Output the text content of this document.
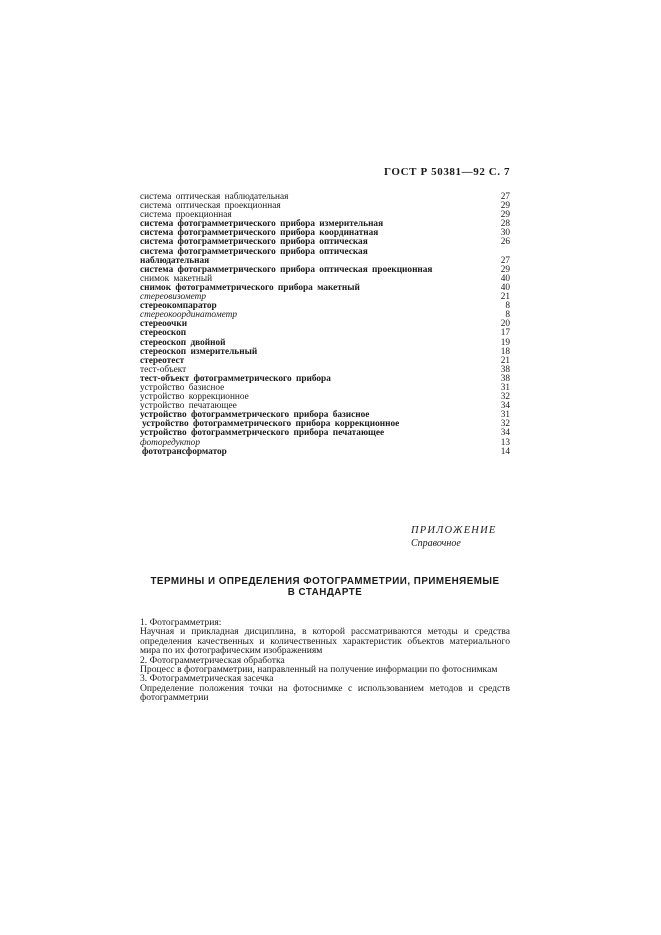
ГОСТ Р 50381—92 С. 7
система оптическая наблюдательная	27
система оптическая проекционная	29
система проекционная	29
система фотограмметрического прибора измерительная	28
система фотограмметрического прибора координатная	30
система фотограмметрического прибора оптическая	26
система фотограмметрического прибора оптическая
наблюдательная	27
система фотограмметрического прибора оптическая проекционная	29
снимок макетный	40
снимок фотограмметрического прибора макетный	40
стереовизометр	21
стереокомпаратор	8
стереокоординатометр	8
стереоочки	20
стереоскоп	17
стереоскоп двойной	19
стереоскоп измерительный	18
стереотест	21
тест-объект	38
тест-объект фотограмметрического прибора	38
устройство базисное	31
устройство коррекционное	32
устройство печатающее	34
устройство фотограмметрического прибора базисное	31
устройство фотограмметрического прибора коррекционное	32
устройство фотограмметрического прибора печатающее	34
фоторедуктор	13
фототрансформатор	14
ПРИЛОЖЕНИЕ
Справочное
ТЕРМИНЫ И ОПРЕДЕЛЕНИЯ ФОТОГРАММЕТРИИ, ПРИМЕНЯЕМЫЕ
В СТАНДАРТЕ

1. Фотограмметрия:

Научная и прикладная дисциплина, в которой рассматриваются методы и средства определения качественных и количественных характеристик объектов материального мира по их фотографическим изображениям

2. Фотограмметрическая обработка

Процесс в фотограмметрии, направленный на получение информации по фотоснимкам

3. Фотограмметрическая засечка

Определение положения точки на фотоснимке с использованием методов и средств фотограмметрии
